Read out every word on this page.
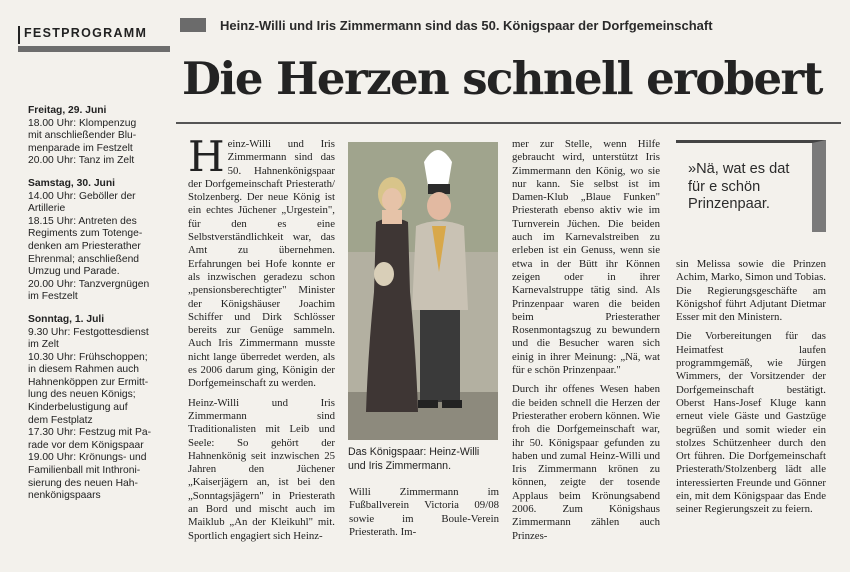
FESTPROGRAMM
Freitag, 29. Juni
18.00 Uhr: Klompenzug
mit anschließender Blu-
menparade im Festzelt
20.00 Uhr: Tanz im Zelt
Samstag, 30. Juni
14.00 Uhr: Geböller der
Artillerie
18.15 Uhr: Antreten des
Regiments zum Totenge-
denken am Priesterather
Ehrenmal; anschließend
Umzug und Parade.
20.00 Uhr: Tanzvergnügen
im Festzelt
Sonntag, 1. Juli
9.30 Uhr: Festgottesdienst
im Zelt
10.30 Uhr: Frühschoppen;
in diesem Rahmen auch
Hahnenköppen zur Ermitt-
lung des neuen Königs;
Kinderbelustigung auf
dem Festplatz
17.30 Uhr: Festzug mit Pa-
rade vor dem Königspaar
19.00 Uhr: Krönungs- und
Familienball mit Inthroni-
sierung des neuen Hah-
nenkönigspaars
Heinz-Willi und Iris Zimmermann sind das 50. Königspaar der Dorfgemeinschaft
Die Herzen schnell erobert

Heinz-Willi und Iris Zimmermann sind das 50. Hahnenkönigspaar der Dorfgemeinschaft Priesterath/ Stolzenberg. Der neue König ist ein echtes Jüchener „Urgestein", für den es eine Selbstverständlichkeit war, das Amt zu übernehmen. Erfahrungen bei Hofe konnte er als inzwischen geradezu schon „pensionsberechtigter" Minister der Königshäuser Joachim Schiffer und Dirk Schlösser bereits zur Genüge sammeln. Auch Iris Zimmermann musste nicht lange überredet werden, als es 2006 darum ging, Königin der Dorfgemeinschaft zu werden.

Heinz-Willi und Iris Zimmermann sind Traditionalisten mit Leib und Seele: So gehört der Hahnenkönig seit inzwischen 25 Jahren den Jüchener „Kaiserjägern an, ist bei den „Sonntagsjägern" in Priesterath an Bord und mischt auch im Maiklub „An der Kleikuhl" mit. Sportlich engagiert sich Heinz-

Das Königspaar: Heinz-Willi
und Iris Zimmermann.
Willi Zimmermann im Fußballverein Victoria 09/08 sowie im Boule-Verein Priesterath. Im-

mer zur Stelle, wenn Hilfe gebraucht wird, unterstützt Iris Zimmermann den König, wo sie nur kann. Sie selbst ist im Damen-Klub „Blaue Funken" Priesterath ebenso aktiv wie im Turnverein Jüchen. Die beiden auch im Karnevalstreiben zu erleben ist ein Genuss, wenn sie etwa in der Bütt ihr Können zeigen oder in ihrer Karnevalstruppe tätig sind. Als Prinzenpaar waren die beiden beim Priesterather Rosenmontagszug zu bewundern und die Besucher waren sich einig in ihrer Meinung: „Nä, wat für e schön Prinzenpaar."

Durch ihr offenes Wesen haben die beiden schnell die Herzen der Priesterather erobern können. Wie froh die Dorfgemeinschaft war, ihr 50. Königspaar gefunden zu haben und zumal Heinz-Willi und Iris Zimmermann krönen zu können, zeigte der tosende Applaus beim Krönungsabend 2006. Zum Königshaus Zimmermann zählen auch Prinzes-

»Nä, wat es dat
für e schön
Prinzenpaar.

sin Melissa sowie die Prinzen Achim, Marko, Simon und Tobias. Die Regierungsgeschäfte am Königshof führt Adjutant Dietmar Esser mit den Ministern.

Die Vorbereitungen für das Heimatfest laufen programmgemäß, wie Jürgen Wimmers, der Vorsitzender der Dorfgemeinschaft bestätigt. Oberst Hans-Josef Kluge kann erneut viele Gäste und Gastzüge begrüßen und somit wieder ein stolzes Schützenheer durch den Ort führen. Die Dorfgemeinschaft Priesterath/Stolzenberg lädt alle interessierten Freunde und Gönner ein, mit dem Königspaar das Ende seiner Regierungszeit zu feiern.
